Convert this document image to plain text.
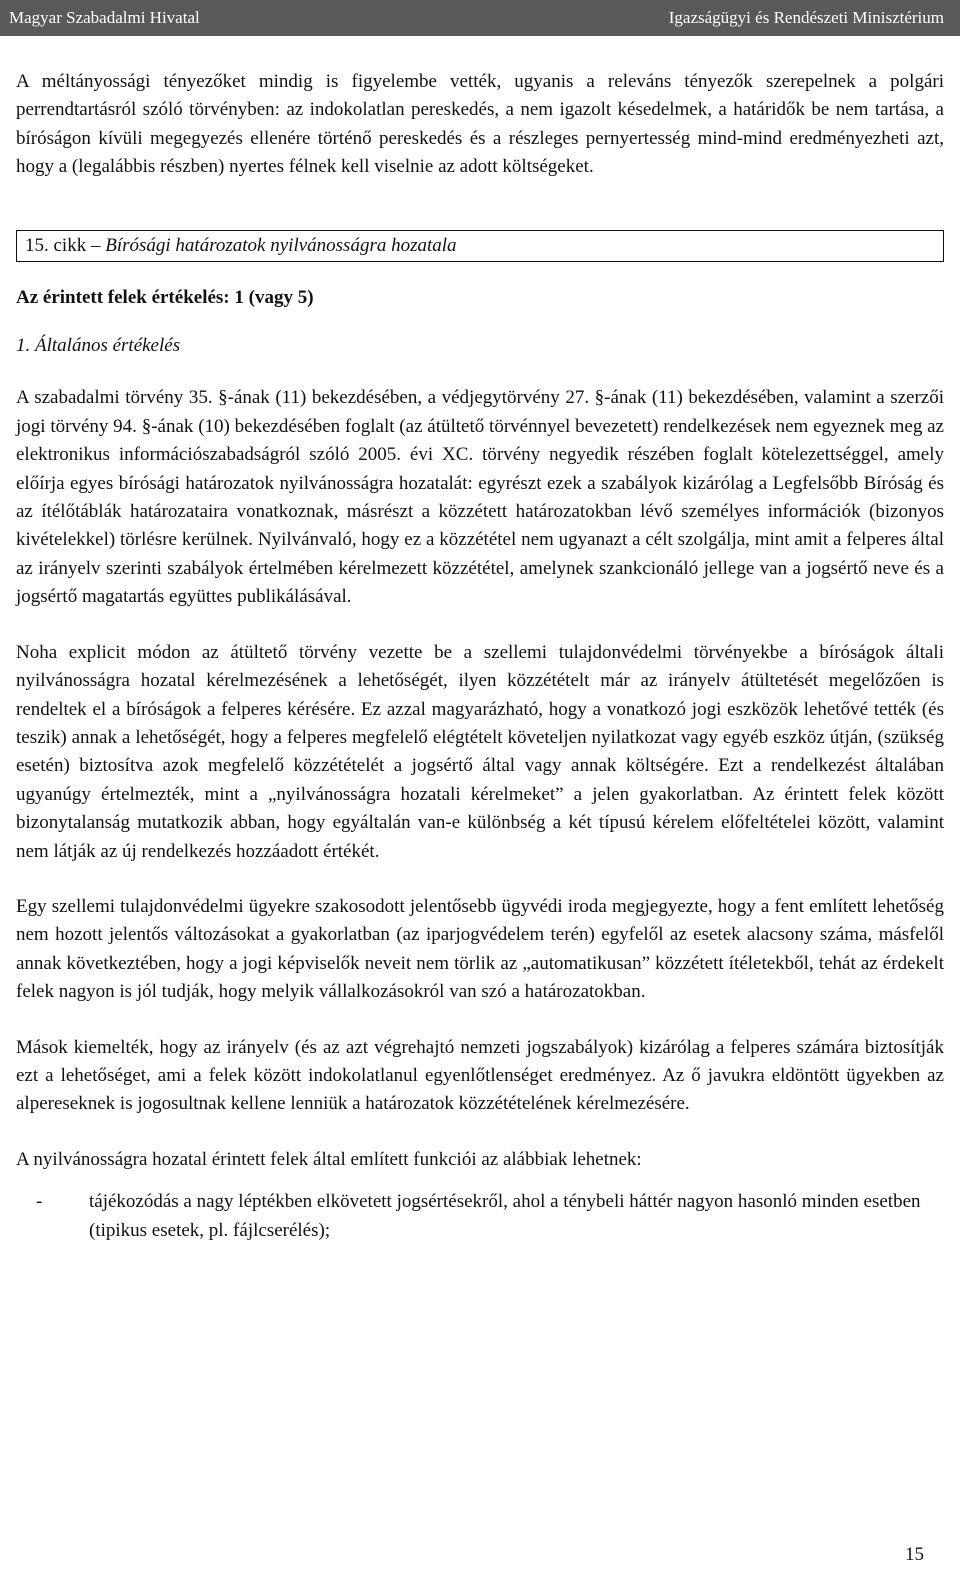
Magyar Szabadalmi Hivatal	Igazságügyi és Rendészeti Minisztérium

A méltányossági tényezőket mindig is figyelembe vették, ugyanis a releváns tényezők szerepelnek a polgári perrendtartásról szóló törvényben: az indokolatlan pereskedés, a nem igazolt késedelmek, a határidők be nem tartása, a bíróságon kívüli megegyezés ellenére történő pereskedés és a részleges pernyertesség mind-mind eredményezheti azt, hogy a (legalábbis részben) nyertes félnek kell viselnie az adott költségeket.

15. cikk – Bírósági határozatok nyilvánosságra hozatala
Az érintett felek értékelés: 1 (vagy 5)
1. Általános értékelés

A szabadalmi törvény 35. §-ának (11) bekezdésében, a védjegytörvény 27. §-ának (11) bekezdésében, valamint a szerzői jogi törvény 94. §-ának (10) bekezdésében foglalt (az átültető törvénnyel bevezetett) rendelkezések nem egyeznek meg az elektronikus információszabadságról szóló 2005. évi XC. törvény negyedik részében foglalt kötelezettséggel, amely előírja egyes bírósági határozatok nyilvánosságra hozatalát: egyrészt ezek a szabályok kizárólag a Legfelsőbb Bíróság és az ítélőtáblák határozataira vonatkoznak, másrészt a közzétett határozatokban lévő személyes információk (bizonyos kivételekkel) törlésre kerülnek. Nyilvánvaló, hogy ez a közzététel nem ugyanazt a célt szolgálja, mint amit a felperes által az irányelv szerinti szabályok értelmében kérelmezett közzététel, amelynek szankcionáló jellege van a jogsértő neve és a jogsértő magatartás együttes publikálásával.

Noha explicit módon az átültető törvény vezette be a szellemi tulajdonvédelmi törvényekbe a bíróságok általi nyilvánosságra hozatal kérelmezésének a lehetőségét, ilyen közzétételt már az irányelv átültetését megelőzően is rendeltek el a bíróságok a felperes kérésére. Ez azzal magyarázható, hogy a vonatkozó jogi eszközök lehetővé tették (és teszik) annak a lehetőségét, hogy a felperes megfelelő elégtételt követeljen nyilatkozat vagy egyéb eszköz útján, (szükség esetén) biztosítva azok megfelelő közzétételét a jogsértő által vagy annak költségére. Ezt a rendelkezést általában ugyanúgy értelmezték, mint a „nyilvánosságra hozatali kérelmeket” a jelen gyakorlatban. Az érintett felek között bizonytalanság mutatkozik abban, hogy egyáltalán van-e különbség a két típusú kérelem előfeltételei között, valamint nem látják az új rendelkezés hozzáadott értékét.

Egy szellemi tulajdonvédelmi ügyekre szakosodott jelentősebb ügyvédi iroda megjegyezte, hogy a fent említett lehetőség nem hozott jelentős változásokat a gyakorlatban (az iparjogvédelem terén) egyfelől az esetek alacsony száma, másfelől annak következtében, hogy a jogi képviselők neveit nem törlik az „automatikusan” közzétett ítéletekből, tehát az érdekelt felek nagyon is jól tudják, hogy melyik vállalkozásokról van szó a határozatokban.

Mások kiemelték, hogy az irányelv (és az azt végrehajtó nemzeti jogszabályok) kizárólag a felperes számára biztosítják ezt a lehetőséget, ami a felek között indokolatlanul egyenlőtlenséget eredményez. Az ő javukra eldöntött ügyekben az alpereseknek is jogosultnak kellene lenniük a határozatok közzétételének kérelmezésére.

A nyilvánosságra hozatal érintett felek által említett funkciói az alábbiak lehetnek:

- tájékozódás a nagy léptékben elkövetett jogsértésekről, ahol a ténybeli háttér nagyon hasonló minden esetben (tipikus esetek, pl. fájlcserélés);
15
